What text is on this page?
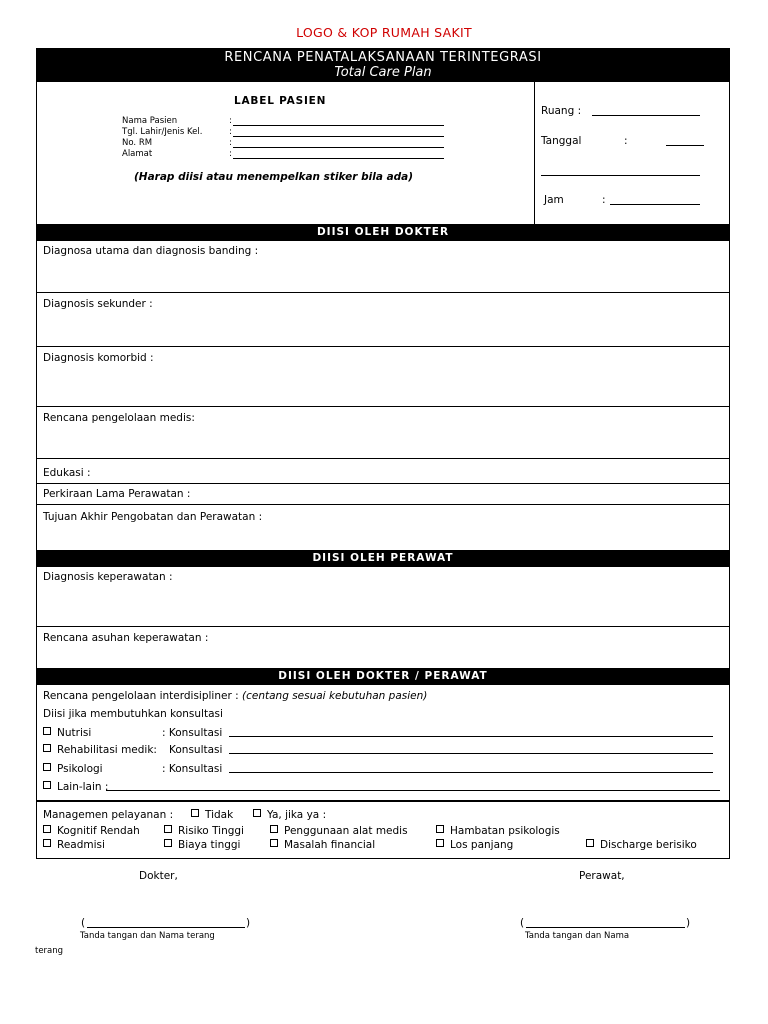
LOGO & KOP RUMAH SAKIT
RENCANA PENATALAKSANAAN TERINTEGRASI
Total Care Plan
LABEL PASIEN
Nama Pasien	:
Tgl. Lahir/Jenis Kel.	:
No. RM	:
Alamat	:
(Harap diisi atau menempelkan stiker bila ada)
Ruang :
Tanggal	:
Jam	:
DIISI OLEH DOKTER
Diagnosa utama dan diagnosis banding :
Diagnosis sekunder :
Diagnosis komorbid :
Rencana pengelolaan medis:
Edukasi :
Perkiraan Lama Perawatan :
Tujuan Akhir Pengobatan dan Perawatan :
DIISI OLEH PERAWAT
Diagnosis keperawatan :
Rencana asuhan keperawatan :
DIISI OLEH DOKTER / PERAWAT
Rencana pengelolaan interdisipliner : (centang sesuai kebutuhan pasien)
Diisi jika membutuhkan konsultasi
Nutrisi	: Konsultasi
Rehabilitasi medik: Konsultasi
Psikologi	: Konsultasi
Lain-lain :
Managemen pelayanan :	Tidak	Ya, jika ya :
Kognitif Rendah	Risiko Tinggi	Penggunaan alat medis	Hambatan psikologis
Readmisi	Biaya tinggi	Masalah financial	Los panjang	Discharge berisiko
Dokter,	Perawat,
(	)
Tanda tangan dan Nama terang
terang
(	)
Tanda tangan dan Nama
